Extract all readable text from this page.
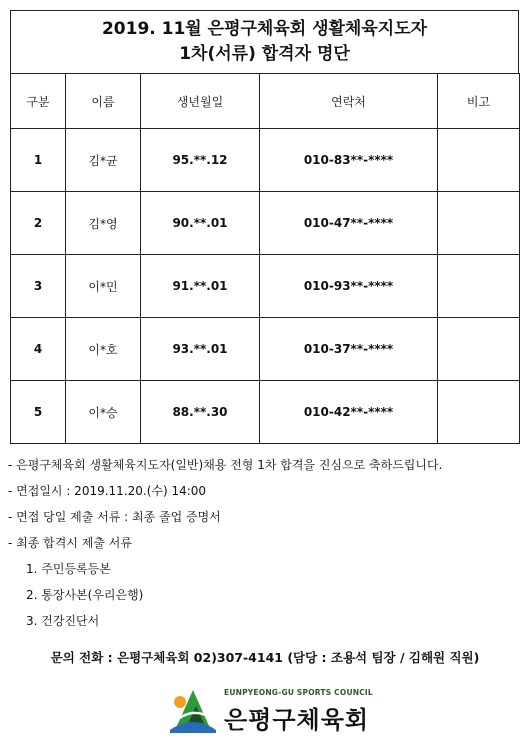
2019. 11월 은평구체육회 생활체육지도자
1차(서류) 합격자 명단
구분	이름	생년월일	연락처	비고
1	김*균	95.**.12	010-83**-****	
2	김*영	90.**.01	010-47**-****	
3	이*민	91.**.01	010-93**-****	
4	이*호	93.**.01	010-37**-****	
5	이*승	88.**.30	010-42**-****	
- 은평구체육회 생활체육지도자(일반)채용 전형 1차 합격을 진심으로 축하드립니다.
- 면접일시 : 2019.11.20.(수) 14:00
- 면접 당일 제출 서류 : 최종 졸업 증명서
- 최종 합격시 제출 서류
1. 주민등록등본
2. 통장사본(우리은행)
3. 건강진단서
문의 전화 : 은평구체육회 02)307-4141 (담당 : 조용석 팀장 / 김해원 직원)
EUNPYEONG-GU SPORTS COUNCIL
은평구체육회
